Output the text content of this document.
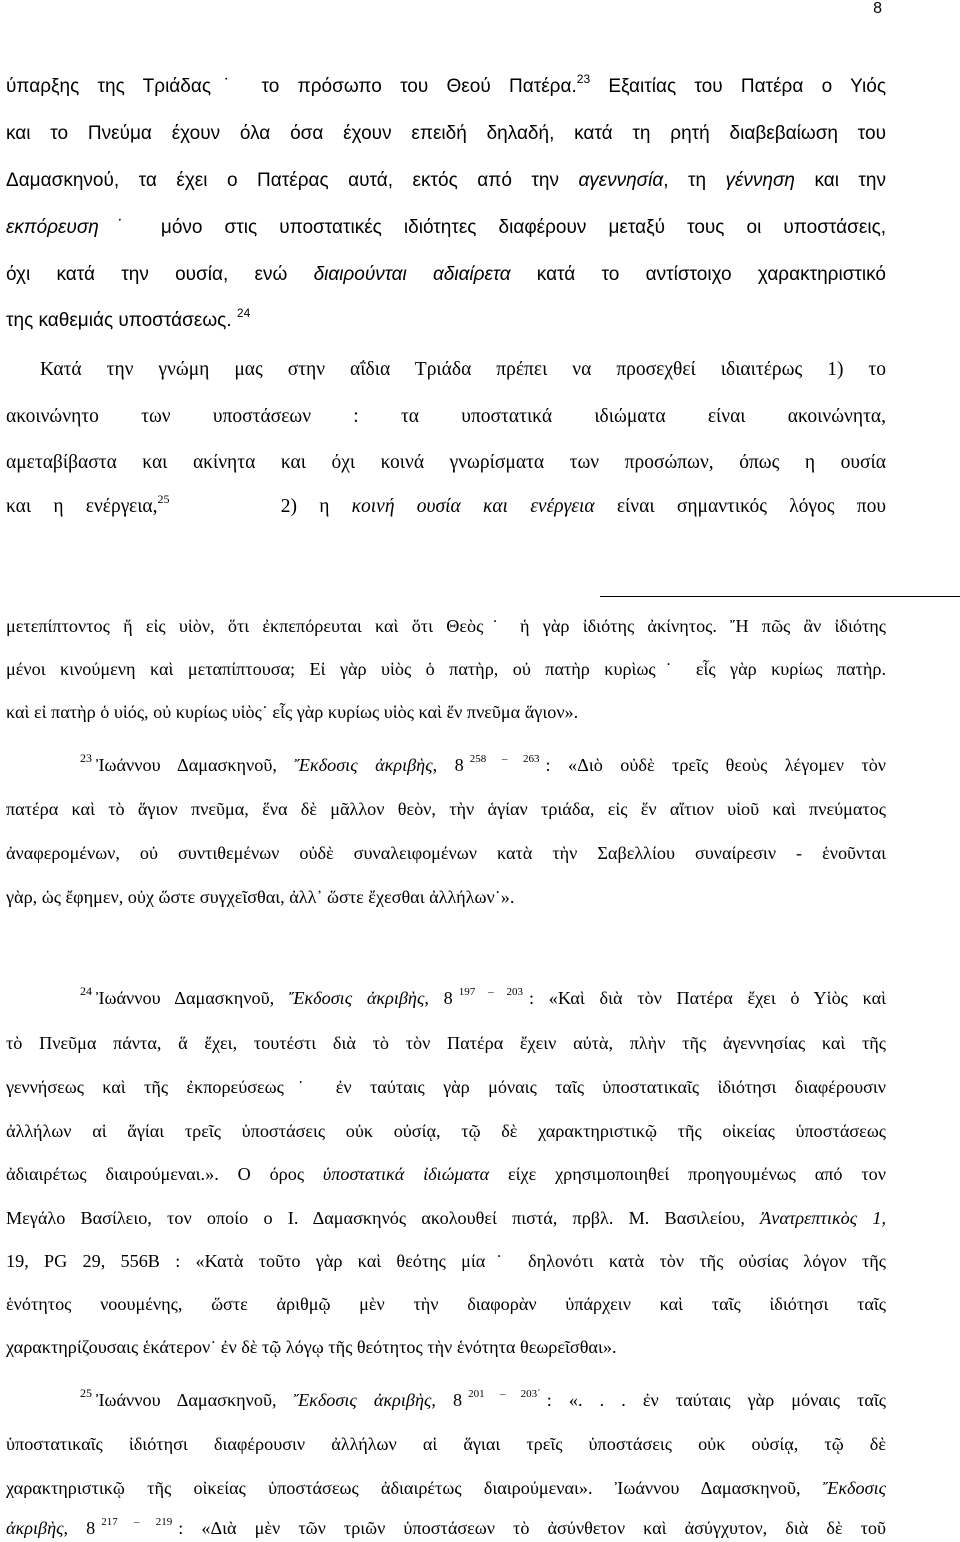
8
ύπαρξης της Τριάδας˙ το πρόσωπο του Θεού Πατέρα.$^{23}$ Εξαιτίας του Πατέρα ο Υιός
και το Πνεύμα έχουν όλα όσα έχουν επειδή δηλαδή, κατά τη ρητή διαβεβαίωση του
Δαμασκηνού, τα έχει ο Πατέρας αυτά, εκτός από την αγεννησία, τη γέννηση και την
εκπόρευση˙ μόνο στις υποστατικές ιδιότητες διαφέρουν μεταξύ τους οι υποστάσεις,
όχι κατά την ουσία, ενώ διαιρούνται αδιαίρετα κατά το αντίστοιχο χαρακτηριστικό
της καθεμιάς υποστάσεως. $^{24}$
Κατά την γνώμη μας στην αΐδια Τριάδα πρέπει να προσεχθεί ιδιαιτέρως 1) το
ακοινώνητο των υποστάσεων : τα υποστατικά ιδιώματα είναι ακοινώνητα,
αμεταβίβαστα και ακίνητα και όχι κοινά γνωρίσματα των προσώπων, όπως η ουσία
και η ενέργεια,$^{25}$	2) η κοινή ουσία και ενέργεια είναι σημαντικός λόγος που
μετεπίπτοντος ἤ εἰς υἱὸν, ὅτι ἐκπεπόρευται καὶ ὅτι Θεὸς˙ ἡ γὰρ ἰδιότης ἀκίνητος. Ἤ πῶς ἂν ἰδιότης
μένοι κινούμενη καὶ μεταπίπτουσα; Εἰ γὰρ υἱὸς ὁ πατὴρ, οὐ πατὴρ κυρὶως˙ εἷς γὰρ κυρίως πατὴρ.
καὶ εἰ πατὴρ ὁ υἱός, οὐ κυρίως υἱὸς˙ εἷς γὰρ κυρίως υἱὸς καὶ ἕν πνεῦμα ἅγιον».
$^{23}$ Ἰωάννου Δαμασκηνοῦ, Ἔκδοσις ἀκριβὴς, 8 $^{258 - 263}$ : «Διὸ οὐδὲ τρεῖς θεοὺς λέγομεν τὸν
πατέρα καὶ τὸ ἅγιον πνεῦμα, ἕνα δὲ μᾶλλον θεὸν, τὴν ἁγίαν τριάδα, εἰς ἕν αἴτιον υἱοῦ καὶ πνεύματος
ἀναφερομένων, οὐ συντιθεμένων οὐδὲ συναλειφομένων κατὰ τὴν Σαβελλίου συναίρεσιν - ἑνοῦνται
γὰρ, ὡς ἔφημεν, οὐχ ὥστε συγχεῖσθαι, ἀλλ᾽ ὥστε ἔχεσθαι ἀλλήλων˙».
$^{24}$ Ἰωάννου Δαμασκηνοῦ, Ἔκδοσις ἀκριβὴς, 8 $^{197 - 203}$ : «Καὶ διὰ τὸν Πατέρα ἔχει ὁ Υἱὸς καὶ
τὸ Πνεῦμα πάντα, ἅ ἔχει, τουτέστι διὰ τὸ τὸν Πατέρα ἔχειν αὐτὰ, πλὴν τῆς ἀγεννησίας καὶ τῆς
γεννήσεως καὶ τῆς ἐκπορεύσεως˙ ἐν ταύταις γὰρ μόναις ταῖς ὑποστατικαῖς ἰδιότησι διαφέρουσιν
ἀλλήλων αἱ ἅγίαι τρεῖς ὑποστάσεις οὐκ οὐσίᾳ, τῷ δὲ χαρακτηριστικῷ τῆς οἰκείας ὑποστάσεως
ἀδιαιρέτως διαιρούμεναι.». Ο όρος ὑποστατικά ἰδιώματα είχε χρησιμοποιηθεί προηγουμένως από τον
Μεγάλο Βασίλειο, τον οποίο ο Ι. Δαμασκηνός ακολουθεί πιστά, πρβλ. Μ. Βασιλείου, Ἀνατρεπτικὸς 1,
19, PG 29, 556B : «Κατὰ τοῦτο γὰρ καὶ θεότης μία˙ δηλονότι κατὰ τὸν τῆς οὐσίας λόγον τῆς
ἑνότητος νοουμένης, ὥστε ἀριθμῷ μὲν τὴν διαφορὰν ὑπάρχειν καὶ ταῖς ἰδιότησι ταῖς
χαρακτηρίζουσαις ἑκάτερον˙ ἐν δὲ τῷ λόγῳ τῆς θεότητος τὴν ἑνότητα θεωρεῖσθαι».
$^{25}$ Ἰωάννου Δαμασκηνοῦ, Ἔκδοσις ἀκριβὴς, 8 $^{201 - 203΄}$ : «. . . ἐν ταύταις γὰρ μόναις ταῖς
ὑποστατικαῖς ἰδιότησι διαφέρουσιν ἀλλήλων αἱ ἅγιαι τρεῖς ὑποστάσεις οὐκ οὐσίᾳ, τῷ δὲ
χαρακτηριστικῷ τῆς οἰκείας ὑποστάσεως ἀδιαιρέτως διαιρούμεναι». Ἰωάννου Δαμασκηνοῦ, Ἔκδοσις
ἀκριβὴς, 8 $^{217 - 219}$ : «Διὰ μὲν τῶν τριῶν ὑποστάσεων τὸ ἀσύνθετον καὶ ἀσύγχυτον, διὰ δὲ τοῦ
